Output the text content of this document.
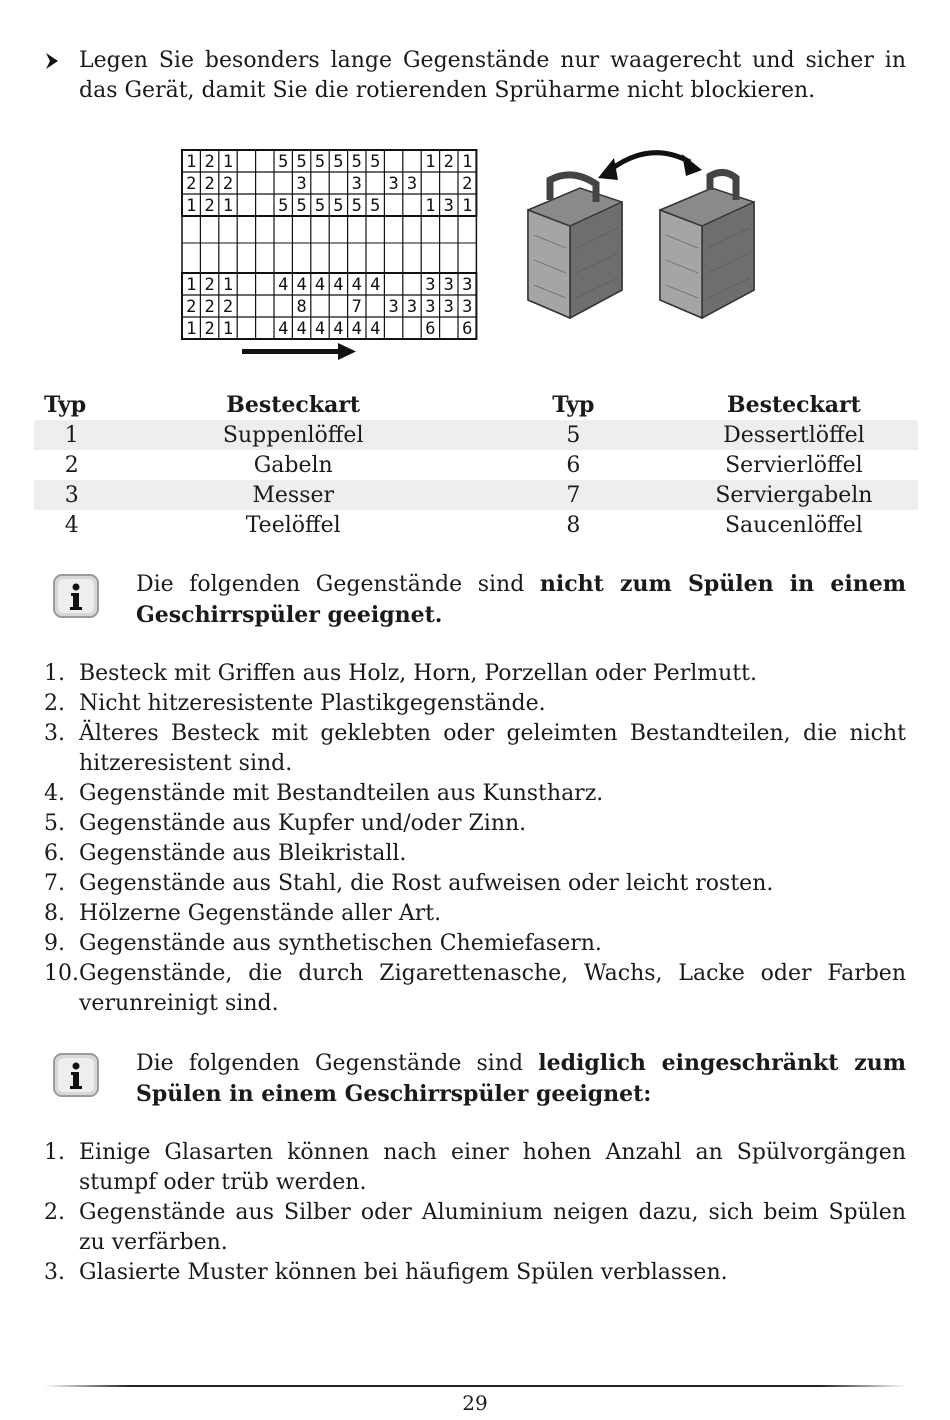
Legen Sie besonders lange Gegenstände nur waagerecht und sicher in das Gerät, damit Sie die rotierenden Sprüharme nicht blockieren.
1 2 1	5 5 5 5 5 5	1 2 1
2 2 2	3	3 3 3	2
1 2 1	5 5 5 5 5 5	1 3 1
1 2 1	4 4 4 4 4 4	3 3 3
2 2 2	8	7 3 3 3 3 3
1 2 1	4 4 4 4 4 4	6 6
Typ	Besteckart	Typ	Besteckart
1	Suppenlöffel	5	Dessertlöffel
2	Gabeln	6	Servierlöffel
3	Messer	7	Serviergabeln
4	Teelöffel	8	Saucenlöffel
Die folgenden Gegenstände sind nicht zum Spülen in einem Geschirrspüler geeignet.
1. Besteck mit Griffen aus Holz, Horn, Porzellan oder Perlmutt.
2. Nicht hitzeresistente Plastikgegenstände.
3. Älteres Besteck mit geklebten oder geleimten Bestandteilen, die nicht hitzeresistent sind.
4. Gegenstände mit Bestandteilen aus Kunstharz.
5. Gegenstände aus Kupfer und/oder Zinn.
6. Gegenstände aus Bleikristall.
7. Gegenstände aus Stahl, die Rost aufweisen oder leicht rosten.
8. Hölzerne Gegenstände aller Art.
9. Gegenstände aus synthetischen Chemiefasern.
10. Gegenstände, die durch Zigarettenasche, Wachs, Lacke oder Farben verunreinigt sind.
Die folgenden Gegenstände sind lediglich eingeschränkt zum Spülen in einem Geschirrspüler geeignet:
1. Einige Glasarten können nach einer hohen Anzahl an Spülvorgängen stumpf oder trüb werden.
2. Gegenstände aus Silber oder Aluminium neigen dazu, sich beim Spülen zu verfärben.
3. Glasierte Muster können bei häufigem Spülen verblassen.
29
